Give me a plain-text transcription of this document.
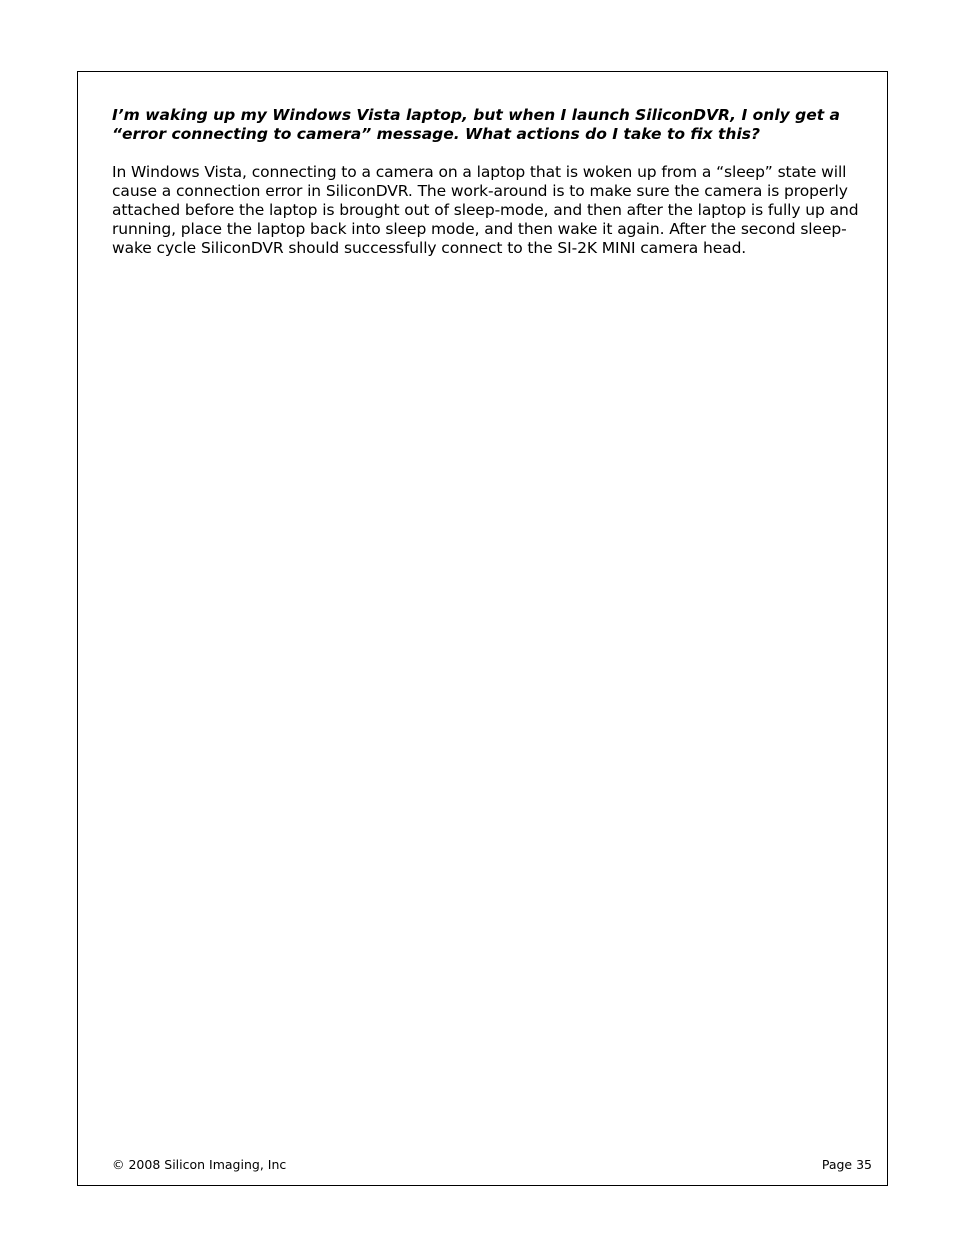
I’m waking up my Windows Vista laptop, but when I launch SiliconDVR, I only get a “error connecting to camera” message. What actions do I take to fix this?

In Windows Vista, connecting to a camera on a laptop that is woken up from a “sleep” state will cause a connection error in SiliconDVR. The work-around is to make sure the camera is properly attached before the laptop is brought out of sleep-mode, and then after the laptop is fully up and running, place the laptop back into sleep mode, and then wake it again. After the second sleep-wake cycle SiliconDVR should successfully connect to the SI-2K MINI camera head.

© 2008 Silicon Imaging, Inc	Page 35
